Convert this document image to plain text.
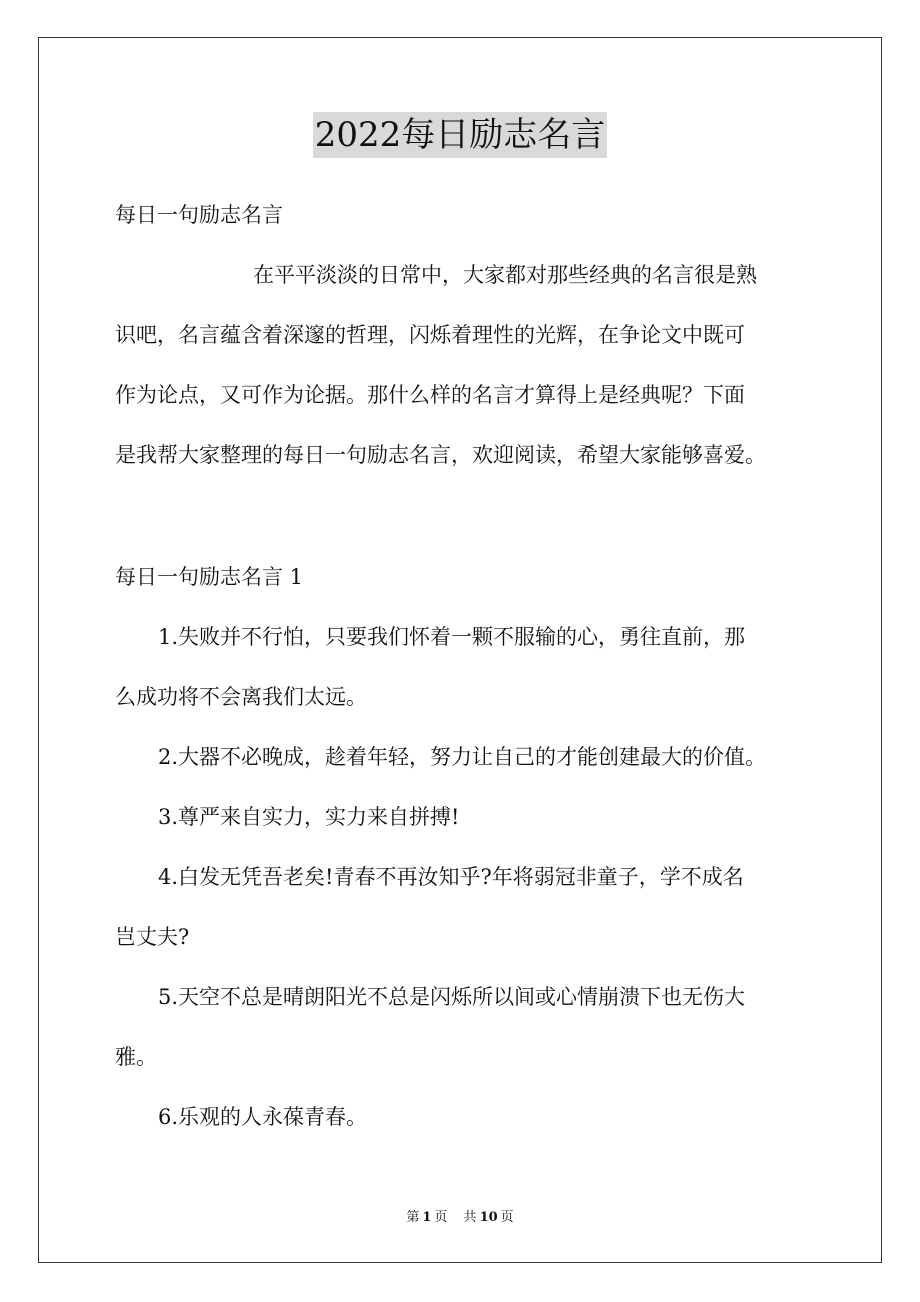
2022每日励志名言
每日一句励志名言
在平平淡淡的日常中，大家都对那些经典的名言很是熟
识吧，名言蕴含着深邃的哲理，闪烁着理性的光辉，在争论文中既可
作为论点，又可作为论据。那什么样的名言才算得上是经典呢？下面
是我帮大家整理的每日一句励志名言，欢迎阅读，希望大家能够喜爱。
每日一句励志名言 1
1.失败并不行怕，只要我们怀着一颗不服输的心，勇往直前，那
么成功将不会离我们太远。
2.大器不必晚成，趁着年轻，努力让自己的才能创建最大的价值。
3.尊严来自实力，实力来自拼搏!
4.白发无凭吾老矣!青春不再汝知乎?年将弱冠非童子，学不成名
岂丈夫?
5.天空不总是晴朗阳光不总是闪烁所以间或心情崩溃下也无伤大
雅。
6.乐观的人永葆青春。
第 1 页 共 10 页
